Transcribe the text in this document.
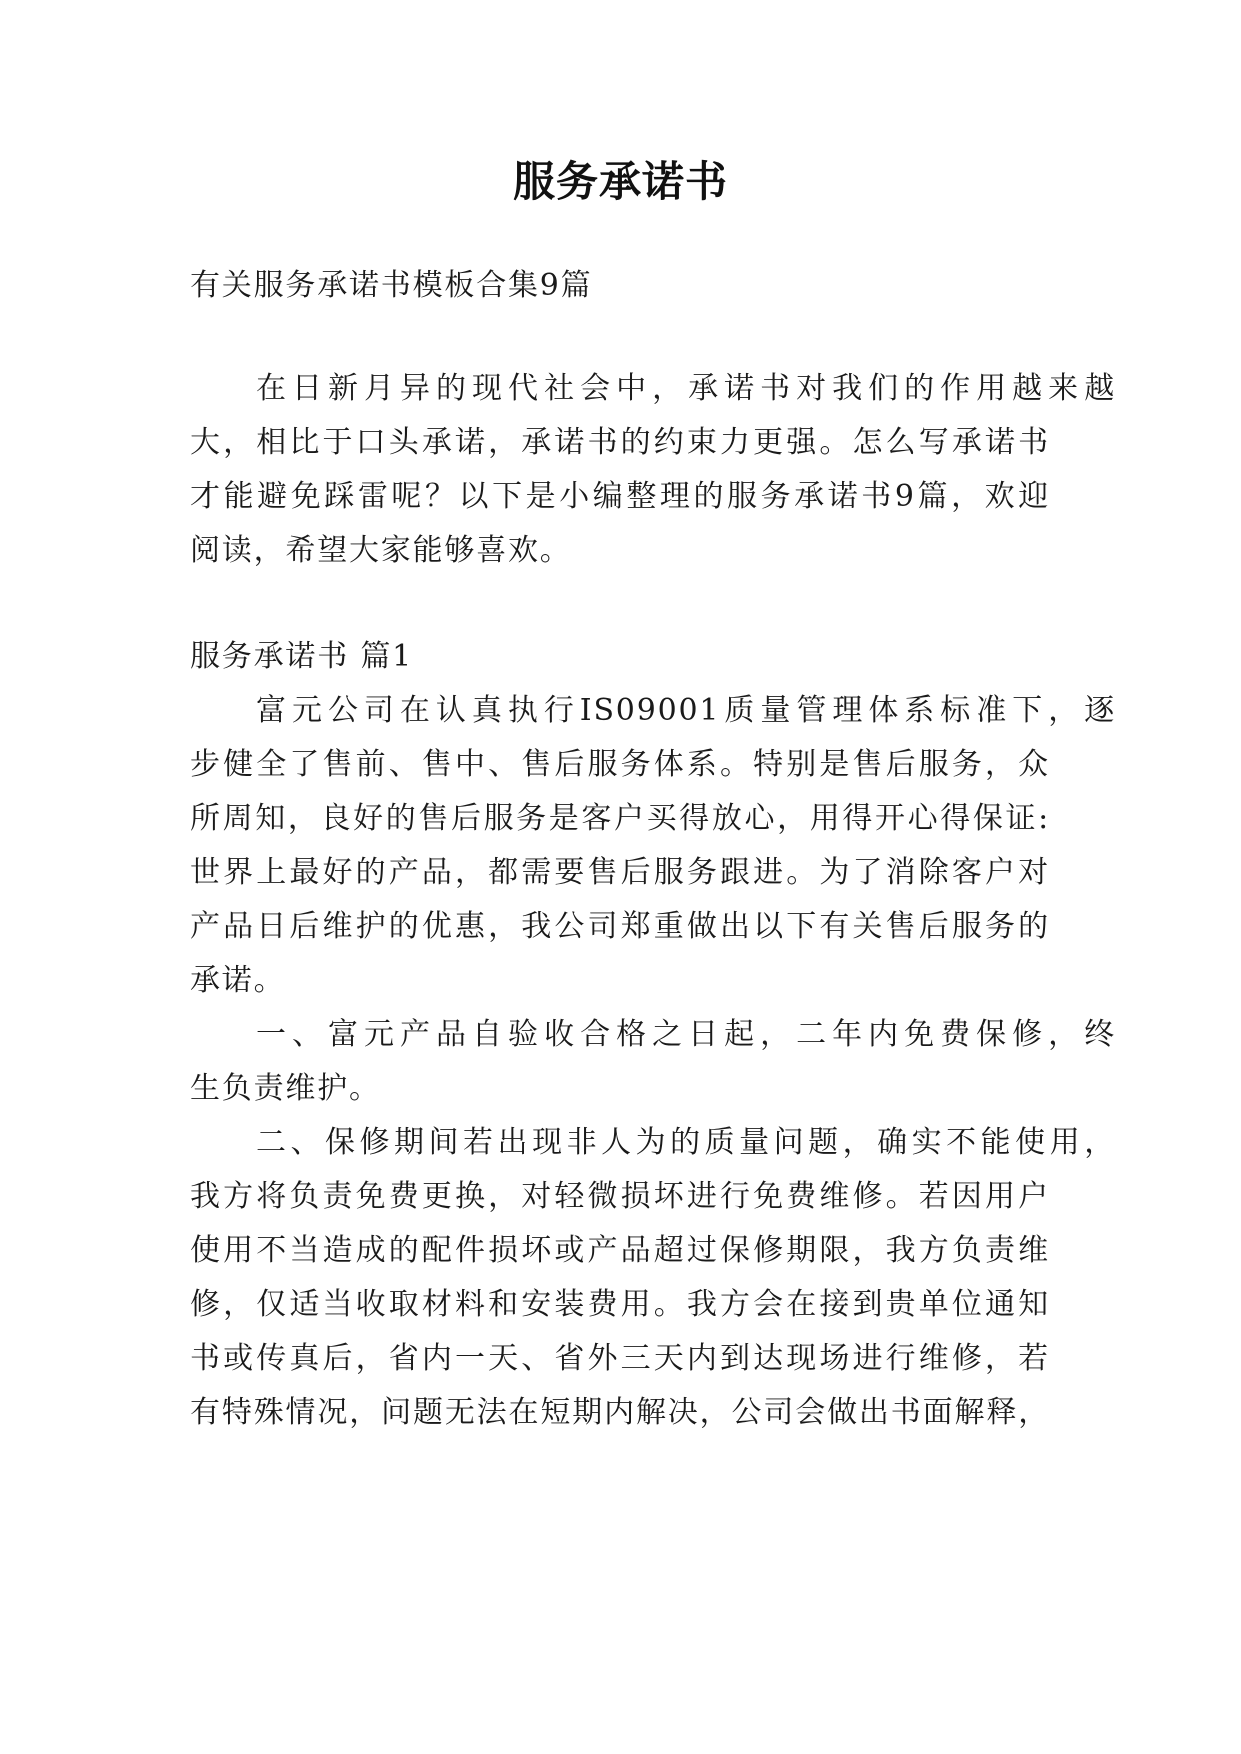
服务承诺书
有关服务承诺书模板合集9篇
在日新月异的现代社会中，承诺书对我们的作用越来越
大，相比于口头承诺，承诺书的约束力更强。怎么写承诺书
才能避免踩雷呢？以下是小编整理的服务承诺书9篇，欢迎
阅读，希望大家能够喜欢。
服务承诺书 篇1
富元公司在认真执行IS09001质量管理体系标准下，逐
步健全了售前、售中、售后服务体系。特别是售后服务，众
所周知，良好的售后服务是客户买得放心，用得开心得保证:
世界上最好的产品，都需要售后服务跟进。为了消除客户对
产品日后维护的优惠，我公司郑重做出以下有关售后服务的
承诺。
一、富元产品自验收合格之日起，二年内免费保修，终
生负责维护。
二、保修期间若出现非人为的质量问题，确实不能使用，
我方将负责免费更换，对轻微损坏进行免费维修。若因用户
使用不当造成的配件损坏或产品超过保修期限，我方负责维
修，仅适当收取材料和安装费用。我方会在接到贵单位通知
书或传真后，省内一天、省外三天内到达现场进行维修，若
有特殊情况，问题无法在短期内解决，公司会做出书面解释，
